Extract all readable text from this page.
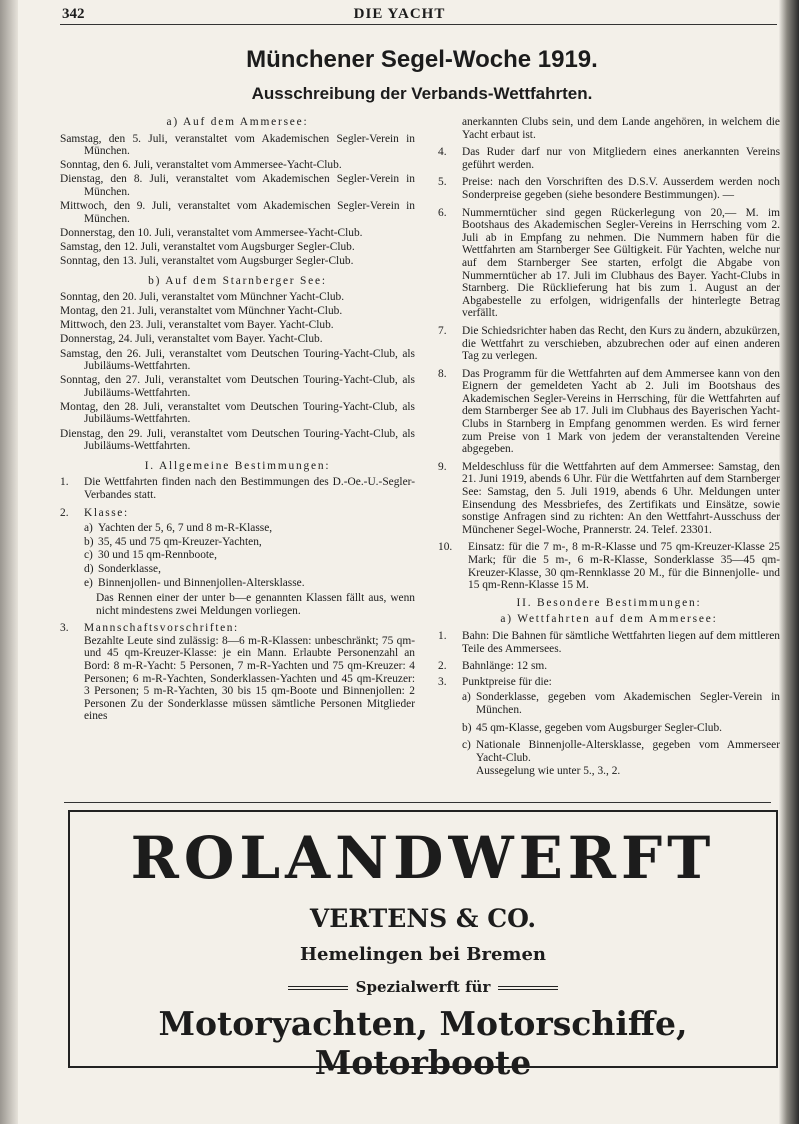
342	DIE YACHT
Münchener Segel-Woche 1919.
Ausschreibung der Verbands-Wettfahrten.
a) Auf dem Ammersee:
Samstag, den 5. Juli, veranstaltet vom Akademischen Segler-Verein in München.
Sonntag, den 6. Juli, veranstaltet vom Ammersee-Yacht-Club.
Dienstag, den 8. Juli, veranstaltet vom Akademischen Segler-Verein in München.
Mittwoch, den 9. Juli, veranstaltet vom Akademischen Segler-Verein in München.
Donnerstag, den 10. Juli, veranstaltet vom Ammersee-Yacht-Club.
Samstag, den 12. Juli, veranstaltet vom Augsburger Segler-Club.
Sonntag, den 13. Juli, veranstaltet vom Augsburger Segler-Club.
b) Auf dem Starnberger See:
Sonntag, den 20. Juli, veranstaltet vom Münchner Yacht-Club.
Montag, den 21. Juli, veranstaltet vom Münchner Yacht-Club.
Mittwoch, den 23. Juli, veranstaltet vom Bayer. Yacht-Club.
Donnerstag, 24. Juli, veranstaltet vom Bayer. Yacht-Club.
Samstag, den 26. Juli, veranstaltet vom Deutschen Touring-Yacht-Club, als Jubiläums-Wettfahrten.
Sonntag, den 27. Juli, veranstaltet vom Deutschen Touring-Yacht-Club, als Jubiläums-Wettfahrten.
Montag, den 28. Juli, veranstaltet vom Deutschen Touring-Yacht-Club, als Jubiläums-Wettfahrten.
Dienstag, den 29. Juli, veranstaltet vom Deutschen Touring-Yacht-Club, als Jubiläums-Wettfahrten.
I. Allgemeine Bestimmungen:
1. Die Wettfahrten finden nach den Bestimmungen des D.-Oe.-U.-Segler-Verbandes statt.
2. Klasse:
a) Yachten der 5, 6, 7 und 8 m-R-Klasse,
b) 35, 45 und 75 qm-Kreuzer-Yachten,
c) 30 und 15 qm-Rennboote,
d) Sonderklasse,
e) Binnenjollen- und Binnenjollen-Altersklasse.
Das Rennen einer der unter b—e genannten Klassen fällt aus, wenn nicht mindestens zwei Meldungen vorliegen.
3. Mannschaftsvorschriften:
Bezahlte Leute sind zulässig: 8—6 m-R-Klassen: unbeschränkt; 75 qm- und 45 qm-Kreuzer-Klasse: je ein Mann. Erlaubte Personenzahl an Bord: 8 m-R-Yacht: 5 Personen, 7 m-R-Yachten und 75 qm-Kreuzer: 4 Personen; 6 m-R-Yachten, Sonderklassen-Yachten und 45 qm-Kreuzer: 3 Personen; 5 m-R-Yachten, 30 bis 15 qm-Boote und Binnenjollen: 2 Personen Zu der Sonderklasse müssen sämtliche Personen Mitglieder eines
anerkannten Clubs sein, und dem Lande angehören, in welchem die Yacht erbaut ist.
4. Das Ruder darf nur von Mitgliedern eines anerkannten Vereins geführt werden.
5. Preise: nach den Vorschriften des D.S.V. Ausserdem werden noch Sonderpreise gegeben (siehe besondere Bestimmungen). —
6. Nummerntücher sind gegen Rückerlegung von 20,— M. im Bootshaus des Akademischen Segler-Vereins in Herrsching vom 2. Juli ab in Empfang zu nehmen. Die Nummern haben für die Wettfahrten am Starnberger See Gültigkeit. Für Yachten, welche nur auf dem Starnberger See starten, erfolgt die Abgabe von Nummerntücher ab 17. Juli im Clubhaus des Bayer. Yacht-Clubs in Starnberg. Die Rücklieferung hat bis zum 1. August an der Abgabestelle zu erfolgen, widrigenfalls der hinterlegte Betrag verfällt.
7. Die Schiedsrichter haben das Recht, den Kurs zu ändern, abzukürzen, die Wettfahrt zu verschieben, abzubrechen oder auf einen anderen Tag zu verlegen.
8. Das Programm für die Wettfahrten auf dem Ammersee kann von den Eignern der gemeldeten Yacht ab 2. Juli im Bootshaus des Akademischen Segler-Vereins in Herrsching, für die Wettfahrten auf dem Starnberger See ab 17. Juli im Clubhaus des Bayerischen Yacht-Clubs in Starnberg in Empfang genommen werden. Es wird ferner zum Preise von 1 Mark von jedem der veranstaltenden Vereine abgegeben.
9. Meldeschluss für die Wettfahrten auf dem Ammersee: Samstag, den 21. Juni 1919, abends 6 Uhr. Für die Wettfahrten auf dem Starnberger See: Samstag, den 5. Juli 1919, abends 6 Uhr. Meldungen unter Einsendung des Messbriefes, des Zertifikats und Einsätze, sowie sonstige Anfragen sind zu richten: An den Wettfahrt-Ausschuss der Münchener Segel-Woche, Prannerstr. 24. Telef. 23301.
10. Einsatz: für die 7 m-, 8 m-R-Klasse und 75 qm-Kreuzer-Klasse 25 Mark; für die 5 m-, 6 m-R-Klasse, Sonderklasse 35—45 qm-Kreuzer-Klasse, 30 qm-Rennklasse 20 M., für die Binnenjolle- und 15 qm-Renn-Klasse 15 M.
II. Besondere Bestimmungen:
a) Wettfahrten auf dem Ammersee:
1. Bahn: Die Bahnen für sämtliche Wettfahrten liegen auf dem mittleren Teile des Ammersees.
2. Bahnlänge: 12 sm.
3. Punktpreise für die:
a) Sonderklasse, gegeben vom Akademischen Segler-Verein in München.
b) 45 qm-Klasse, gegeben vom Augsburger Segler-Club.
c) Nationale Binnenjolle-Altersklasse, gegeben vom Ammerseer Yacht-Club.
Aussegelung wie unter 5., 3., 2.
ROLANDWERFT
VERTENS & CO.
Hemelingen bei Bremen
Spezialwerft für
Motoryachten, Motorschiffe, Motorboote
